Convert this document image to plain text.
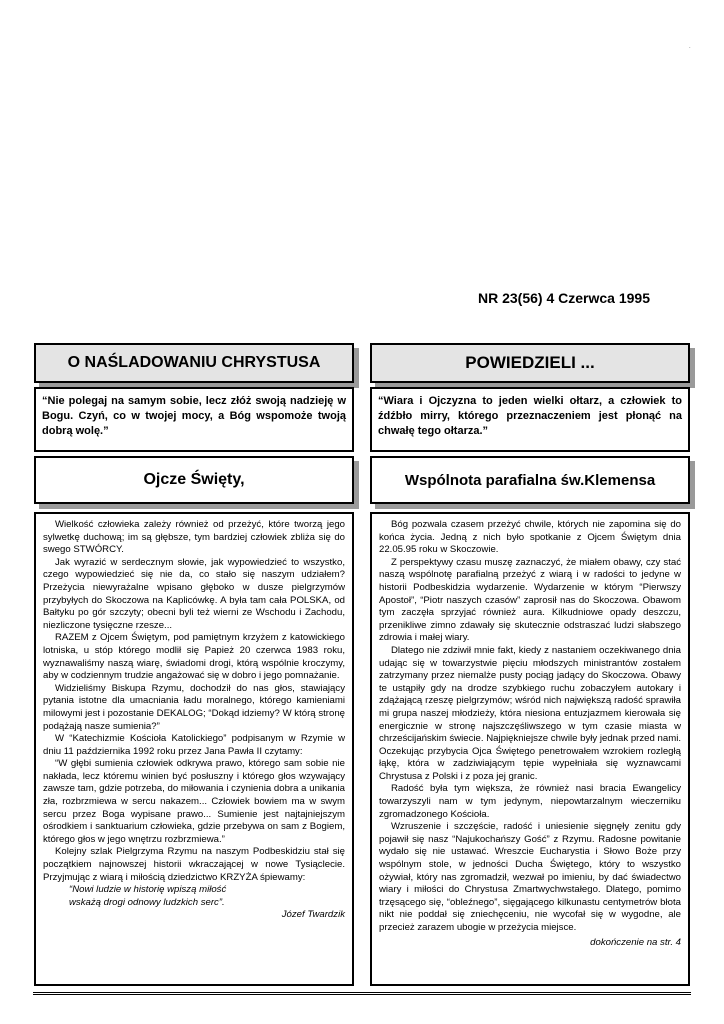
.
NR 23(56) 4 Czerwca 1995
O NAŚLADOWANIU CHRYSTUSA
“Nie polegaj na samym sobie, lecz złóż swoją nadzieję w Bogu. Czyń, co w twojej mocy, a Bóg wspomoże twoją dobrą wolę.”
Ojcze Święty,

Wielkość człowieka zależy również od przeżyć, które tworzą jego sylwetkę duchową; im są głębsze, tym bardziej człowiek zbliża się do swego STWÓRCY.

Jak wyrazić w serdecznym słowie, jak wypowiedzieć to wszystko, czego wypowiedzieć się nie da, co stało się naszym udziałem? Przeżycia niewyrażalne wpisano głęboko w dusze pielgrzymów przybyłych do Skoczowa na Kaplicówkę. A była tam cała POLSKA, od Bałtyku po gór szczyty; obecni byli też wierni ze Wschodu i Zachodu, niezliczone tysięczne rzesze...

RAZEM z Ojcem Świętym, pod pamiętnym krzyżem z katowickiego lotniska, u stóp którego modlił się Papież 20 czerwca 1983 roku, wyznawaliśmy naszą wiarę, świadomi drogi, którą wspólnie kroczymy, aby w codziennym trudzie angażować się w dobro i jego pomnażanie.

Widzieliśmy Biskupa Rzymu, dochodził do nas głos, stawiający pytania istotne dla umacniania ładu moralnego, którego kamieniami milowymi jest i pozostanie DEKALOG; “Dokąd idziemy? W którą stronę podążają nasze sumienia?”

W “Katechizmie Kościoła Katolickiego” podpisanym w Rzymie w dniu 11 października 1992 roku przez Jana Pawła II czytamy:

“W głębi sumienia człowiek odkrywa prawo, którego sam sobie nie nakłada, lecz któremu winien być posłuszny i którego głos wzywający zawsze tam, gdzie potrzeba, do miłowania i czynienia dobra a unikania zła, rozbrzmiewa w sercu nakazem... Człowiek bowiem ma w swym sercu przez Boga wypisane prawo... Sumienie jest najtajniejszym ośrodkiem i sanktuarium człowieka, gdzie przebywa on sam z Bogiem, którego głos w jego wnętrzu rozbrzmiewa.”

Kolejny szlak Pielgrzyma Rzymu na naszym Podbeskidziu stał się początkiem najnowszej historii wkraczającej w nowe Tysiąclecie. Przyjmując z wiarą i miłością dziedzictwo KRZYŻA śpiewamy:

“Nowi ludzie w historię wpiszą miłość

wskażą drogi odnowy ludzkich serc”.

Józef Twardzik

POWIEDZIELI ...
“Wiara i Ojczyzna to jeden wielki ołtarz, a człowiek to źdźbło mirry, którego przeznaczeniem jest płonąć na chwałę tego ołtarza.”
Wspólnota parafialna św.Klemensa

Bóg pozwala czasem przeżyć chwile, których nie zapomina się do końca życia. Jedną z nich było spotkanie z Ojcem Świętym dnia 22.05.95 roku w Skoczowie.

Z perspektywy czasu muszę zaznaczyć, że miałem obawy, czy stać naszą wspólnotę parafialną przeżyć z wiarą i w radości to jedyne w historii Podbeskidzia wydarzenie. Wydarzenie w którym “Pierwszy Apostoł”, “Piotr naszych czasów” zaprosił nas do Skoczowa. Obawom tym zaczęła sprzyjać również aura. Kilkudniowe opady deszczu, przenikliwe zimno zdawały się skutecznie odstraszać ludzi słabszego zdrowia i małej wiary.

Dlatego nie zdziwił mnie fakt, kiedy z nastaniem oczekiwanego dnia udając się w towarzystwie pięciu młodszych ministrantów zostałem zatrzymany przez niemalże pusty pociąg jadący do Skoczowa. Obawy te ustąpiły gdy na drodze szybkiego ruchu zobaczyłem autokary i zdążającą rzeszę pielgrzymów; wśród nich największą radość sprawiła mi grupa naszej młodzieży, która niesiona entuzjazmem kierowała się energicznie w stronę najszczęśliwszego w tym czasie miasta w chrześcijańskim świecie. Najpiękniejsze chwile były jednak przed nami. Oczekując przybycia Ojca Świętego penetrowałem wzrokiem rozległą łąkę, która w zadziwiającym tępie wypełniała się wyznawcami Chrystusa z Polski i z poza jej granic.

Radość była tym większa, że również nasi bracia Ewangelicy towarzyszyli nam w tym jedynym, niepowtarzalnym wieczerniku zgromadzonego Kościoła.

Wzruszenie i szczęście, radość i uniesienie sięgnęły zenitu gdy pojawił się nasz “Najukochańszy Gość” z Rzymu. Radosne powitanie wydało się nie ustawać. Wreszcie Eucharystia i Słowo Boże przy wspólnym stole, w jedności Ducha Świętego, który to wszystko ożywiał, który nas zgromadził, wezwał po imieniu, by dać świadectwo wiary i miłości do Chrystusa Zmartwychwstałego. Dlatego, pomimo trzęsącego się, “obleźnego”, sięgającego kilkunastu centymetrów błota nikt nie poddał się zniechęceniu, nie wycofał się w wygodne, ale przecież zarazem ubogie w przeżycia miejsce.

dokończenie na str. 4
